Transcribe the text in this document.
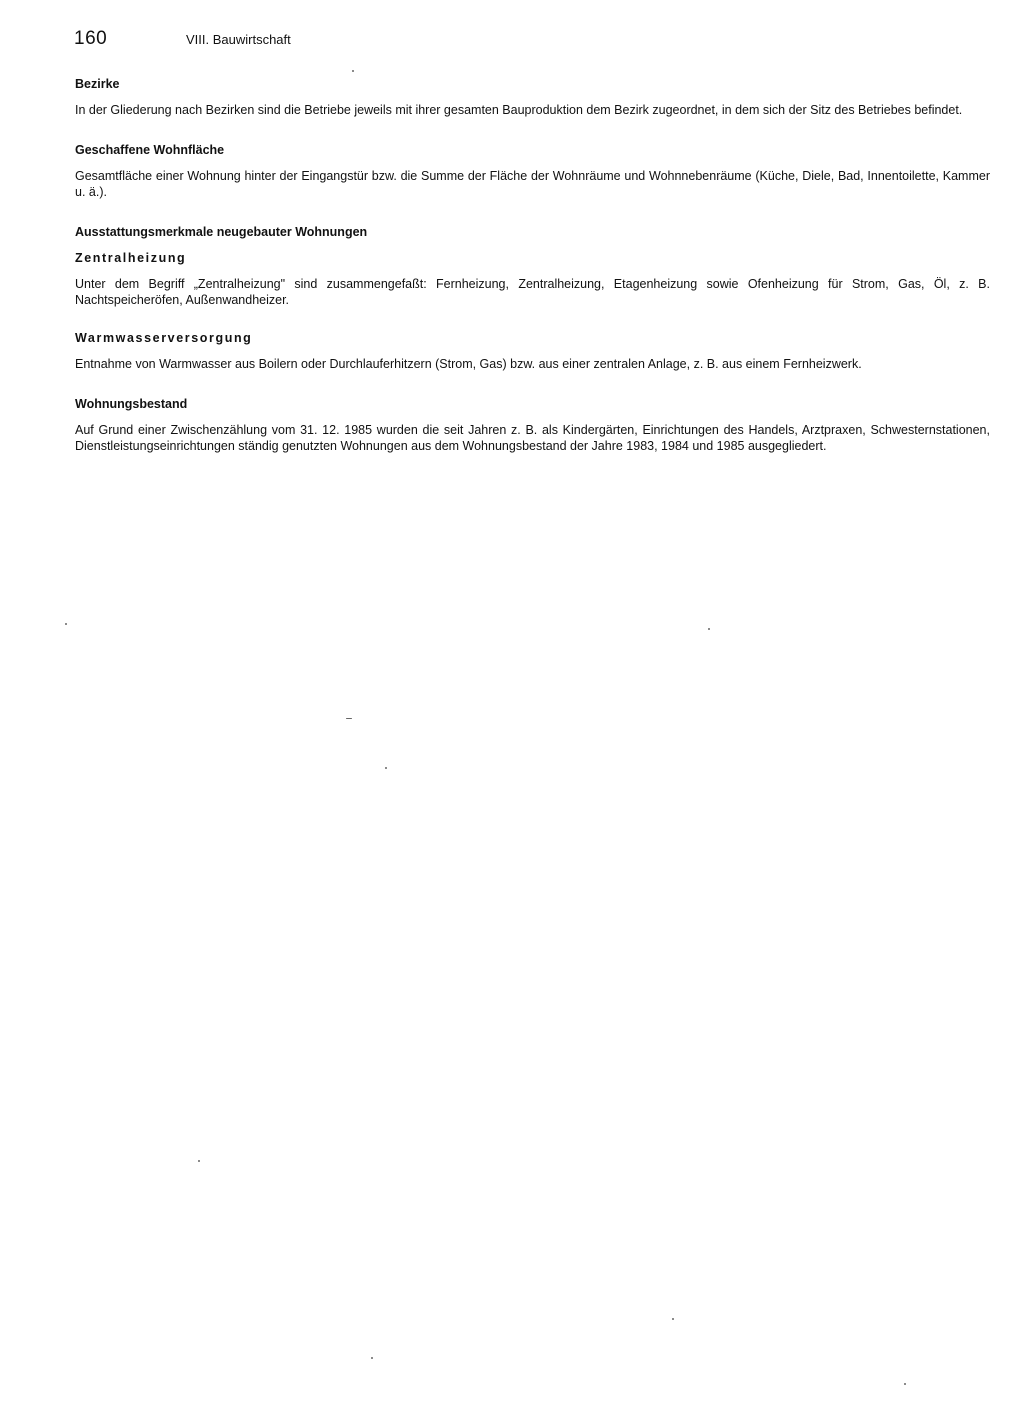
160	VIII. Bauwirtschaft
Bezirke

In der Gliederung nach Bezirken sind die Betriebe jeweils mit ihrer gesamten Bauproduktion dem Bezirk zugeordnet, in dem sich der Sitz des Betriebes befindet.

Geschaffene Wohnfläche

Gesamtfläche einer Wohnung hinter der Eingangstür bzw. die Summe der Fläche der Wohnräume und Wohnnebenräume (Küche, Diele, Bad, Innentoilette, Kammer u. ä.).

Ausstattungsmerkmale neugebauter Wohnungen
Zentralheizung

Unter dem Begriff „Zentralheizung" sind zusammengefaßt: Fernheizung, Zentralheizung, Etagenheizung sowie Ofenheizung für Strom, Gas, Öl, z. B. Nachtspeicheröfen, Außenwandheizer.

Warmwasserversorgung

Entnahme von Warmwasser aus Boilern oder Durchlauferhitzern (Strom, Gas) bzw. aus einer zentralen Anlage, z. B. aus einem Fernheizwerk.

Wohnungsbestand

Auf Grund einer Zwischenzählung vom 31. 12. 1985 wurden die seit Jahren z. B. als Kindergärten, Einrichtungen des Handels, Arztpraxen, Schwesternstationen, Dienstleistungseinrichtungen ständig genutzten Wohnungen aus dem Wohnungsbestand der Jahre 1983, 1984 und 1985 ausgegliedert.
